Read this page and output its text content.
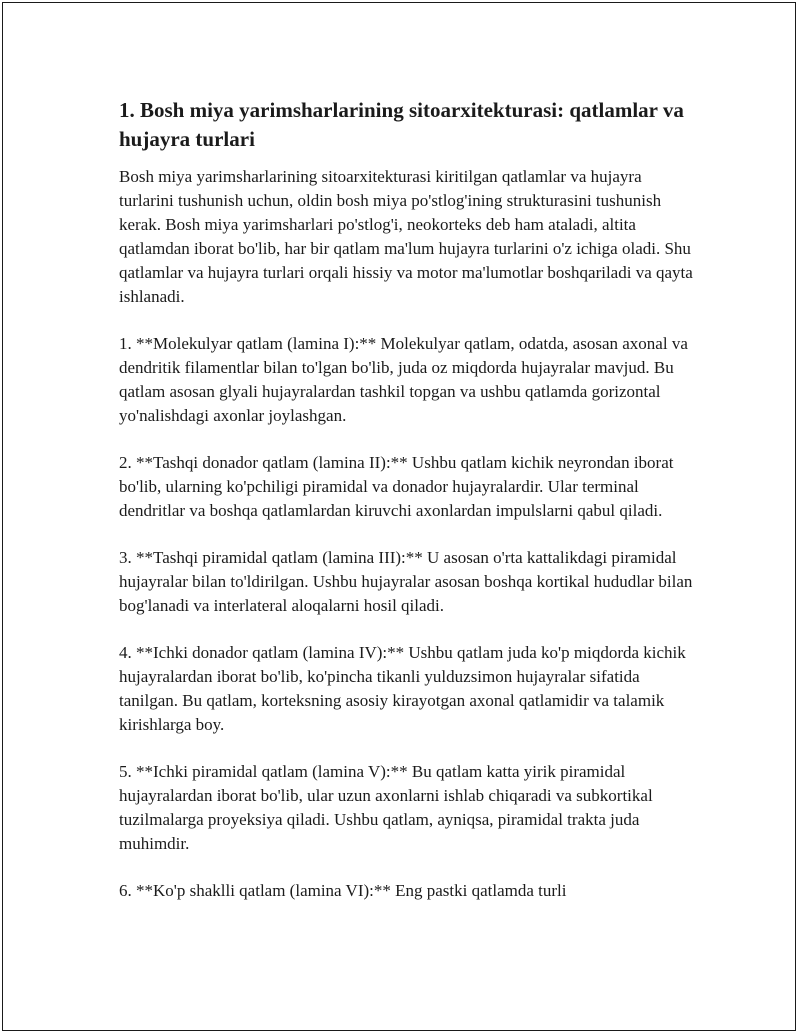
1. Bosh miya yarimsharlarining sitoarxitekturasi: qatlamlar va hujayra turlari

Bosh miya yarimsharlarining sitoarxitekturasi kiritilgan qatlamlar va hujayra turlarini tushunish uchun, oldin bosh miya po'stlog'ining strukturasini tushunish kerak. Bosh miya yarimsharlari po'stlog'i, neokorteks deb ham ataladi, altita qatlamdan iborat bo'lib, har bir qatlam ma'lum hujayra turlarini o'z ichiga oladi. Shu qatlamlar va hujayra turlari orqali hissiy va motor ma'lumotlar boshqariladi va qayta ishlanadi.

1. **Molekulyar qatlam (lamina I):** Molekulyar qatlam, odatda, asosan axonal va dendritik filamentlar bilan to'lgan bo'lib, juda oz miqdorda hujayralar mavjud. Bu qatlam asosan glyali hujayralardan tashkil topgan va ushbu qatlamda gorizontal yo'nalishdagi axonlar joylashgan.

2. **Tashqi donador qatlam (lamina II):** Ushbu qatlam kichik neyrondan iborat bo'lib, ularning ko'pchiligi piramidal va donador hujayralardir. Ular terminal dendritlar va boshqa qatlamlardan kiruvchi axonlardan impulslarni qabul qiladi.

3. **Tashqi piramidal qatlam (lamina III):** U asosan o'rta kattalikdagi piramidal hujayralar bilan to'ldirilgan. Ushbu hujayralar asosan boshqa kortikal hududlar bilan bog'lanadi va interlateral aloqalarni hosil qiladi.

4. **Ichki donador qatlam (lamina IV):** Ushbu qatlam juda ko'p miqdorda kichik hujayralardan iborat bo'lib, ko'pincha tikanli yulduzsimon hujayralar sifatida tanilgan. Bu qatlam, korteksning asosiy kirayotgan axonal qatlamidir va talamik kirishlarga boy.

5. **Ichki piramidal qatlam (lamina V):** Bu qatlam katta yirik piramidal hujayralardan iborat bo'lib, ular uzun axonlarni ishlab chiqaradi va subkortikal tuzilmalarga proyeksiya qiladi. Ushbu qatlam, ayniqsa, piramidal trakta juda muhimdir.

6. **Ko'p shaklli qatlam (lamina VI):** Eng pastki qatlamda turli
